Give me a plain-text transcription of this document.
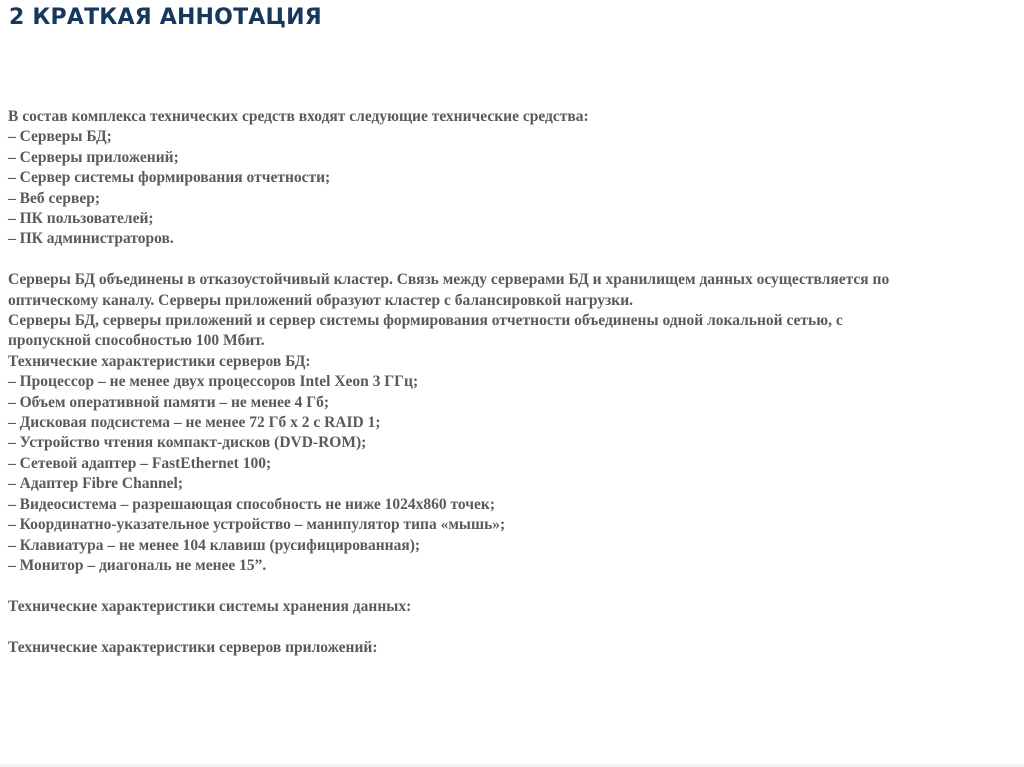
2 КРАТКАЯ АННОТАЦИЯ
В состав комплекса технических средств входят следующие технические средства:
– Серверы БД;
– Серверы приложений;
– Сервер системы формирования отчетности;
– Веб сервер;
– ПК пользователей;
– ПК администраторов.
Серверы БД объединены в отказоустойчивый кластер. Связь между серверами БД и хранилищем данных осуществляется по
оптическому каналу. Серверы приложений образуют кластер с балансировкой нагрузки.
Серверы БД, серверы приложений и сервер системы формирования отчетности объединены одной локальной сетью, с
пропускной способностью 100 Мбит.
Технические характеристики серверов БД:
– Процессор – не менее двух процессоров Intel Xeon 3 ГГц;
– Объем оперативной памяти – не менее 4 Гб;
– Дисковая подсистема – не менее 72 Гб x 2 с RAID 1;
– Устройство чтения компакт-дисков (DVD-ROM);
– Сетевой адаптер – FastEthernet 100;
– Адаптер Fibre Channel;
– Видеосистема – разрешающая способность не ниже 1024x860 точек;
– Координатно-указательное устройство – манипулятор типа «мышь»;
– Клавиатура – не менее 104 клавиш (русифицированная);
– Монитор – диагональ не менее 15”.
Технические характеристики системы хранения данных:
Технические характеристики серверов приложений:
